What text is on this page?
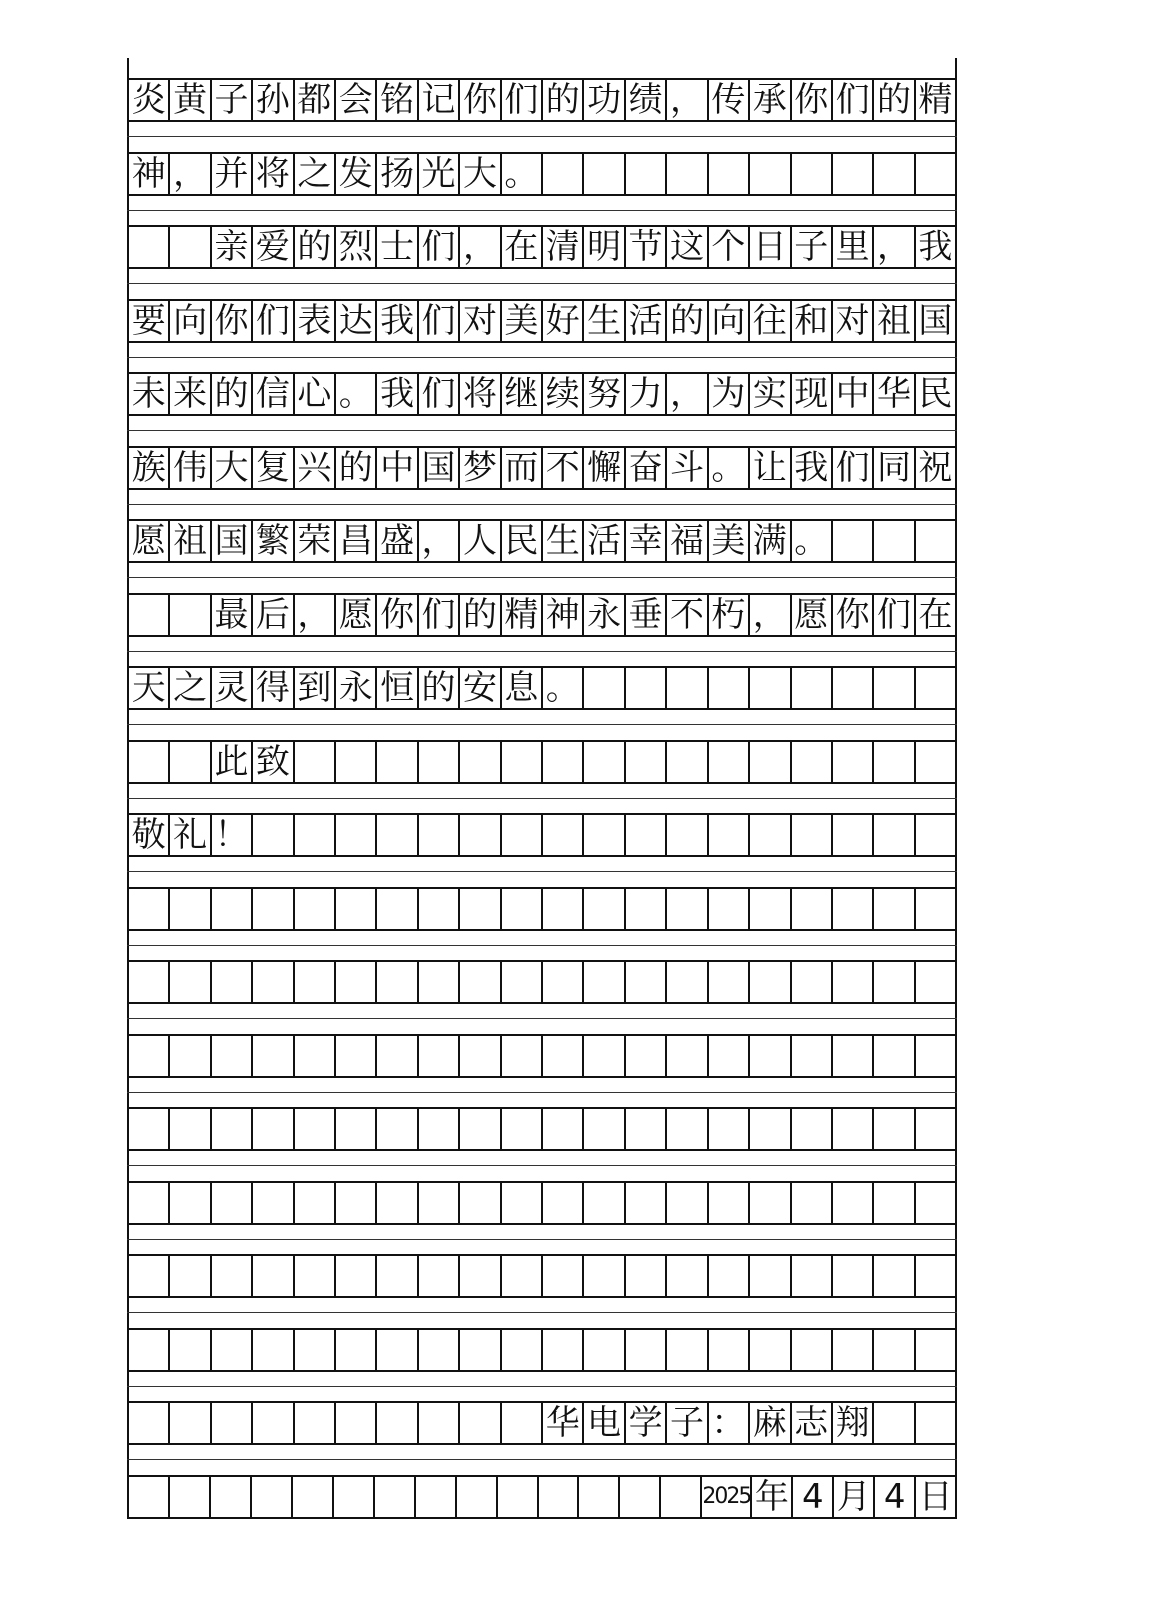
炎 黄 子 孙 都 会 铭 记 你 们 的 功 绩 ， 传 承 你 们 的 精
神 ， 并 将 之 发 扬 光 大 。
亲 爱 的 烈 士 们 ， 在 清 明 节 这 个 日 子 里 ， 我
要 向 你 们 表 达 我 们 对 美 好 生 活 的 向 往 和 对 祖 国
未 来 的 信 心 。 我 们 将 继 续 努 力 ， 为 实 现 中 华 民
族 伟 大 复 兴 的 中 国 梦 而 不 懈 奋 斗 。 让 我 们 同 祝
愿 祖 国 繁 荣 昌 盛 ， 人 民 生 活 幸 福 美 满 。
最 后 ， 愿 你 们 的 精 神 永 垂 不 朽 ， 愿 你 们 在
天 之 灵 得 到 永 恒 的 安 息 。
此 致
敬 礼 ！
华 电 学 子 ： 麻 志 翔
2025 年 4 月 4 日
